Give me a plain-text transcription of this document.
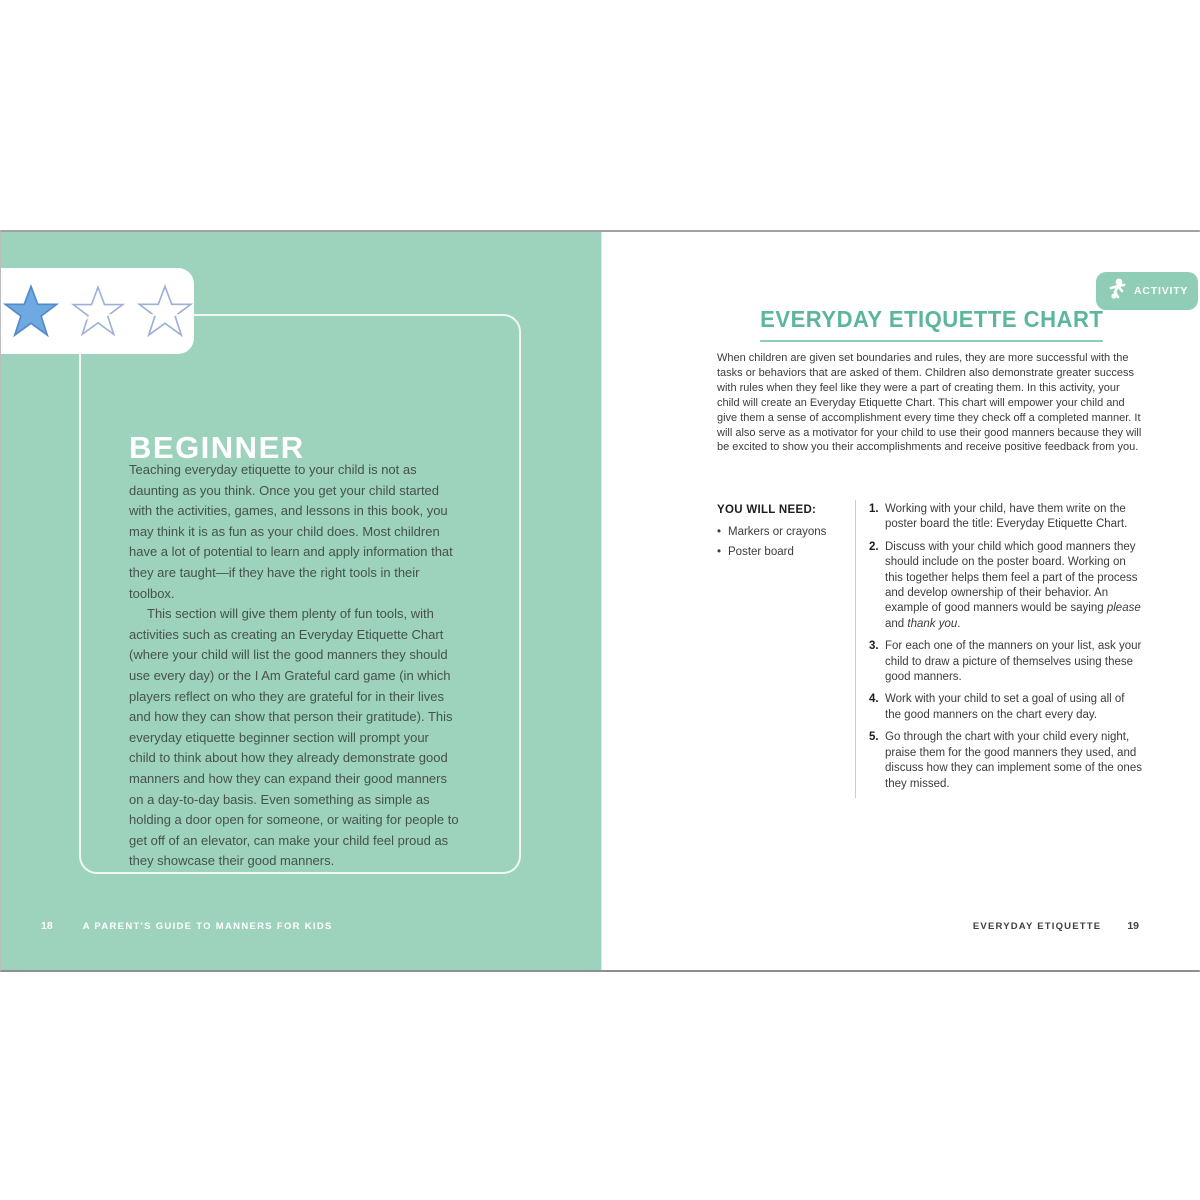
BEGINNER

Teaching everyday etiquette to your child is not as daunting as you think. Once you get your child started with the activities, games, and lessons in this book, you may think it is as fun as your child does. Most children have a lot of potential to learn and apply information that they are taught—if they have the right tools in their toolbox.

This section will give them plenty of fun tools, with activities such as creating an Everyday Etiquette Chart (where your child will list the good manners they should use every day) or the I Am Grateful card game (in which players reflect on who they are grateful for in their lives and how they can show that person their gratitude). This everyday etiquette beginner section will prompt your child to think about how they already demonstrate good manners and how they can expand their good manners on a day-to-day basis. Even something as simple as holding a door open for someone, or waiting for people to get off of an elevator, can make your child feel proud as they showcase their good manners.

18	A PARENT'S GUIDE TO MANNERS FOR KIDS
ACTIVITY
EVERYDAY ETIQUETTE CHART

When children are given set boundaries and rules, they are more successful with the tasks or behaviors that are asked of them. Children also demonstrate greater success with rules when they feel like they were a part of creating them. In this activity, your child will create an Everyday Etiquette Chart. This chart will empower your child and give them a sense of accomplishment every time they check off a completed manner. It will also serve as a motivator for your child to use their good manners because they will be excited to show you their accomplishments and receive positive feedback from you.

YOU WILL NEED:
• Markers or crayons
• Poster board
1. Working with your child, have them write on the poster board the title: Everyday Etiquette Chart.
2. Discuss with your child which good manners they should include on the poster board. Working on this together helps them feel a part of the process and develop ownership of their behavior. An example of good manners would be saying please and thank you.
3. For each one of the manners on your list, ask your child to draw a picture of themselves using these good manners.
4. Work with your child to set a goal of using all of the good manners on the chart every day.
5. Go through the chart with your child every night, praise them for the good manners they used, and discuss how they can implement some of the ones they missed.
EVERYDAY ETIQUETTE 19
